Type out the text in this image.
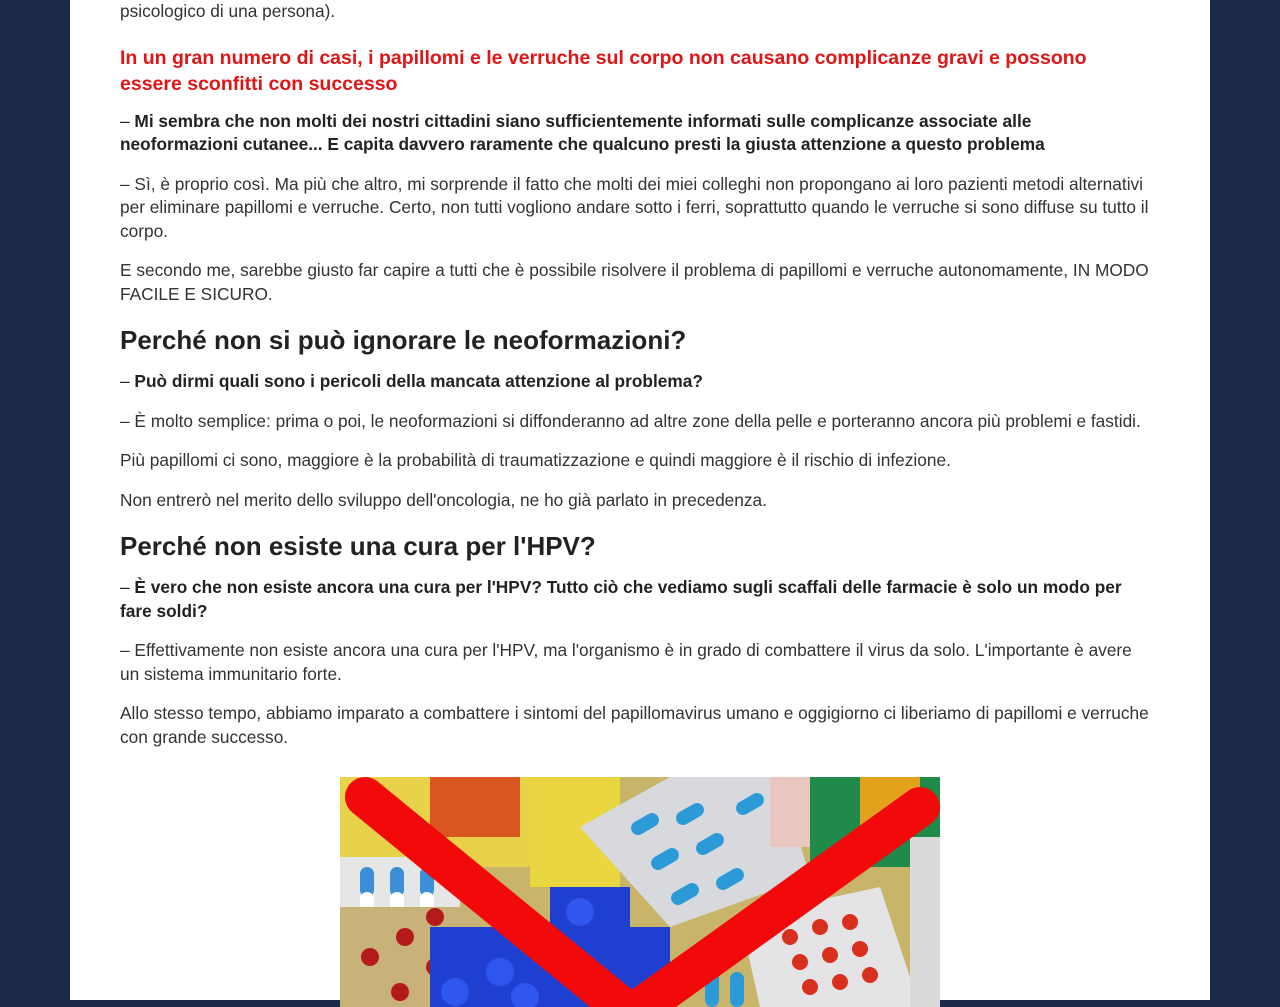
psicologico di una persona).

In un gran numero di casi, i papillomi e le verruche sul corpo non causano complicanze gravi e possono essere sconfitti con successo

– Mi sembra che non molti dei nostri cittadini siano sufficientemente informati sulle complicanze associate alle neoformazioni cutanee... E capita davvero raramente che qualcuno presti la giusta attenzione a questo problema

– Sì, è proprio così. Ma più che altro, mi sorprende il fatto che molti dei miei colleghi non propongano ai loro pazienti metodi alternativi per eliminare papillomi e verruche. Certo, non tutti vogliono andare sotto i ferri, soprattutto quando le verruche si sono diffuse su tutto il corpo.

E secondo me, sarebbe giusto far capire a tutti che è possibile risolvere il problema di papillomi e verruche autonomamente, IN MODO FACILE E SICURO.

Perché non si può ignorare le neoformazioni?

– Può dirmi quali sono i pericoli della mancata attenzione al problema?

– È molto semplice: prima o poi, le neoformazioni si diffonderanno ad altre zone della pelle e porteranno ancora più problemi e fastidi.

Più papillomi ci sono, maggiore è la probabilità di traumatizzazione e quindi maggiore è il rischio di infezione.

Non entrerò nel merito dello sviluppo dell'oncologia, ne ho già parlato in precedenza.

Perché non esiste una cura per l'HPV?

– È vero che non esiste ancora una cura per l'HPV? Tutto ciò che vediamo sugli scaffali delle farmacie è solo un modo per fare soldi?

– Effettivamente non esiste ancora una cura per l'HPV, ma l'organismo è in grado di combattere il virus da solo. L'importante è avere un sistema immunitario forte.

Allo stesso tempo, abbiamo imparato a combattere i sintomi del papillomavirus umano e oggigiorno ci liberiamo di papillomi e verruche con grande successo.
